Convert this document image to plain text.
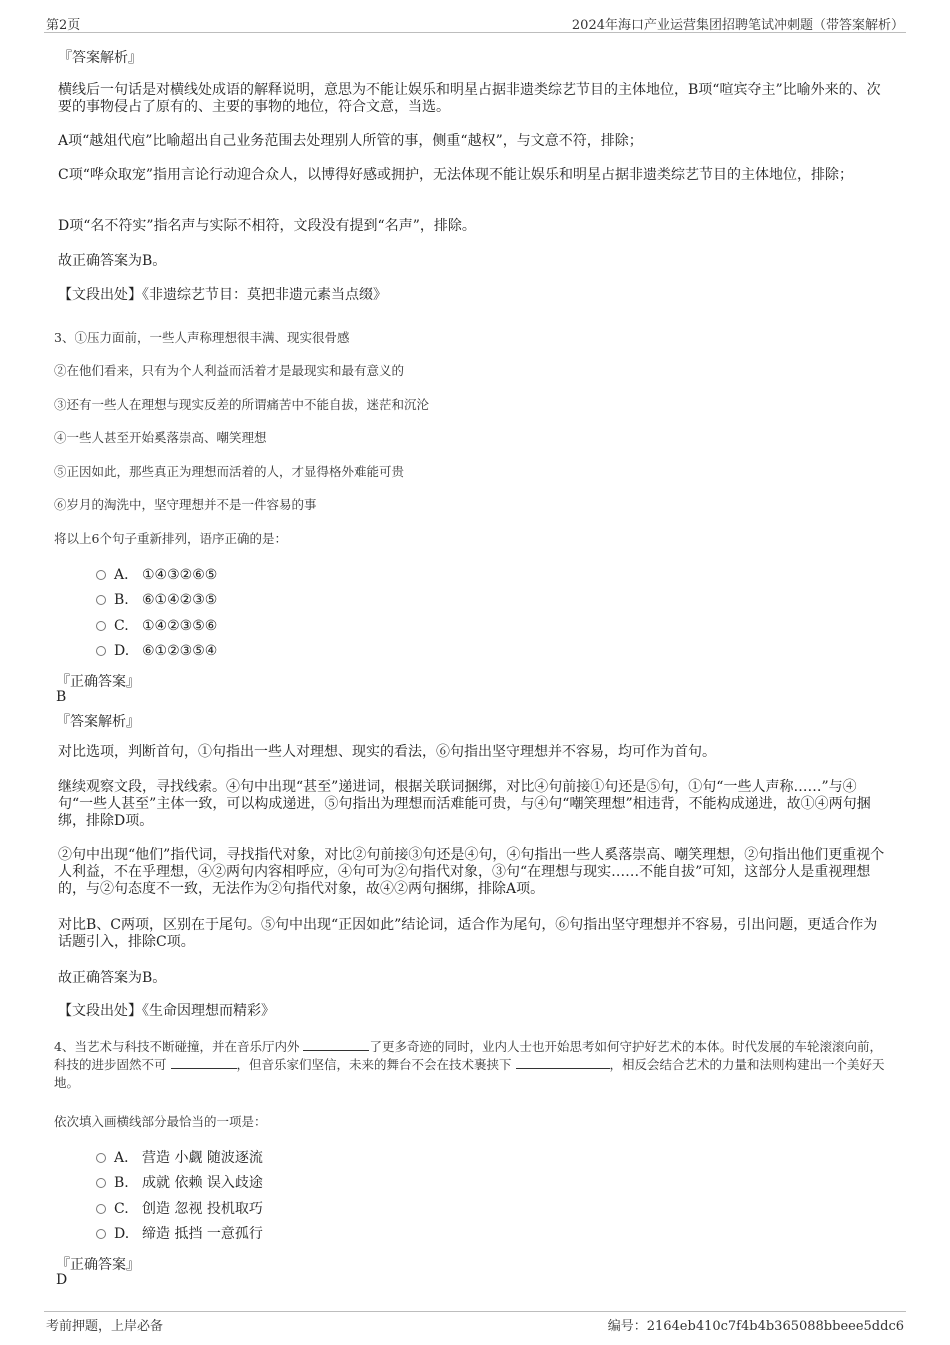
第2页	2024年海口产业运营集团招聘笔试冲刺题（带答案解析）
『答案解析』
横线后一句话是对横线处成语的解释说明，意思为不能让娱乐和明星占据非遗类综艺节目的主体地位，B项“喧宾夺主”比喻外来的、次要的事物侵占了原有的、主要的事物的地位，符合文意，当选。
A项“越俎代庖”比喻超出自己业务范围去处理别人所管的事，侧重“越权”，与文意不符，排除；
C项“哗众取宠”指用言论行动迎合众人，以博得好感或拥护，无法体现不能让娱乐和明星占据非遗类综艺节目的主体地位，排除；
D项“名不符实”指名声与实际不相符，文段没有提到“名声”，排除。
故正确答案为B。
【文段出处】《非遗综艺节目：莫把非遗元素当点缀》
3、①压力面前，一些人声称理想很丰满、现实很骨感
②在他们看来，只有为个人利益而活着才是最现实和最有意义的
③还有一些人在理想与现实反差的所谓痛苦中不能自拔，迷茫和沉沦
④一些人甚至开始奚落崇高、嘲笑理想
⑤正因如此，那些真正为理想而活着的人，才显得格外难能可贵
⑥岁月的淘洗中，坚守理想并不是一件容易的事
将以上6个句子重新排列，语序正确的是：
A． ①④③②⑥⑤
B. ⑥①④②③⑤
C. ①④②③⑤⑥
D. ⑥①②③⑤④
『正确答案』
B
『答案解析』
对比选项，判断首句，①句指出一些人对理想、现实的看法，⑥句指出坚守理想并不容易，均可作为首句。
继续观察文段，寻找线索。④句中出现“甚至”递进词，根据关联词捆绑，对比④句前接①句还是⑤句，①句“一些人声称……”与④句“一些人甚至”主体一致，可以构成递进，⑤句指出为理想而活难能可贵，与④句“嘲笑理想”相违背，不能构成递进，故①④两句捆绑，排除D项。
②句中出现“他们”指代词，寻找指代对象，对比②句前接③句还是④句，④句指出一些人奚落崇高、嘲笑理想，②句指出他们更重视个人利益，不在乎理想，④②两句内容相呼应，④句可为②句指代对象，③句“在理想与现实……不能自拔”可知，这部分人是重视理想的，与②句态度不一致，无法作为②句指代对象，故④②两句捆绑，排除A项。
对比B、C两项，区别在于尾句。⑤句中出现“正因如此”结论词，适合作为尾句，⑥句指出坚守理想并不容易，引出问题，更适合作为话题引入，排除C项。
故正确答案为B。
【文段出处】《生命因理想而精彩》
4、当艺术与科技不断碰撞，并在音乐厅内外	了更多奇迹的同时，业内人士也开始思考如何守护好艺术的本体。时代发展的车轮滚滚向前，科技的进步固然不可	，但音乐家们坚信，未来的舞台不会在技术裹挟下	，相反会结合艺术的力量和法则构建出一个美好天地。
依次填入画横线部分最恰当的一项是：
A． 营造 小觑 随波逐流
B. 成就 依赖 误入歧途
C. 创造 忽视 投机取巧
D. 缔造 抵挡 一意孤行
『正确答案』
D
考前押题，上岸必备	编号：2164eb410c7f4b4b365088bbeee5ddc6
